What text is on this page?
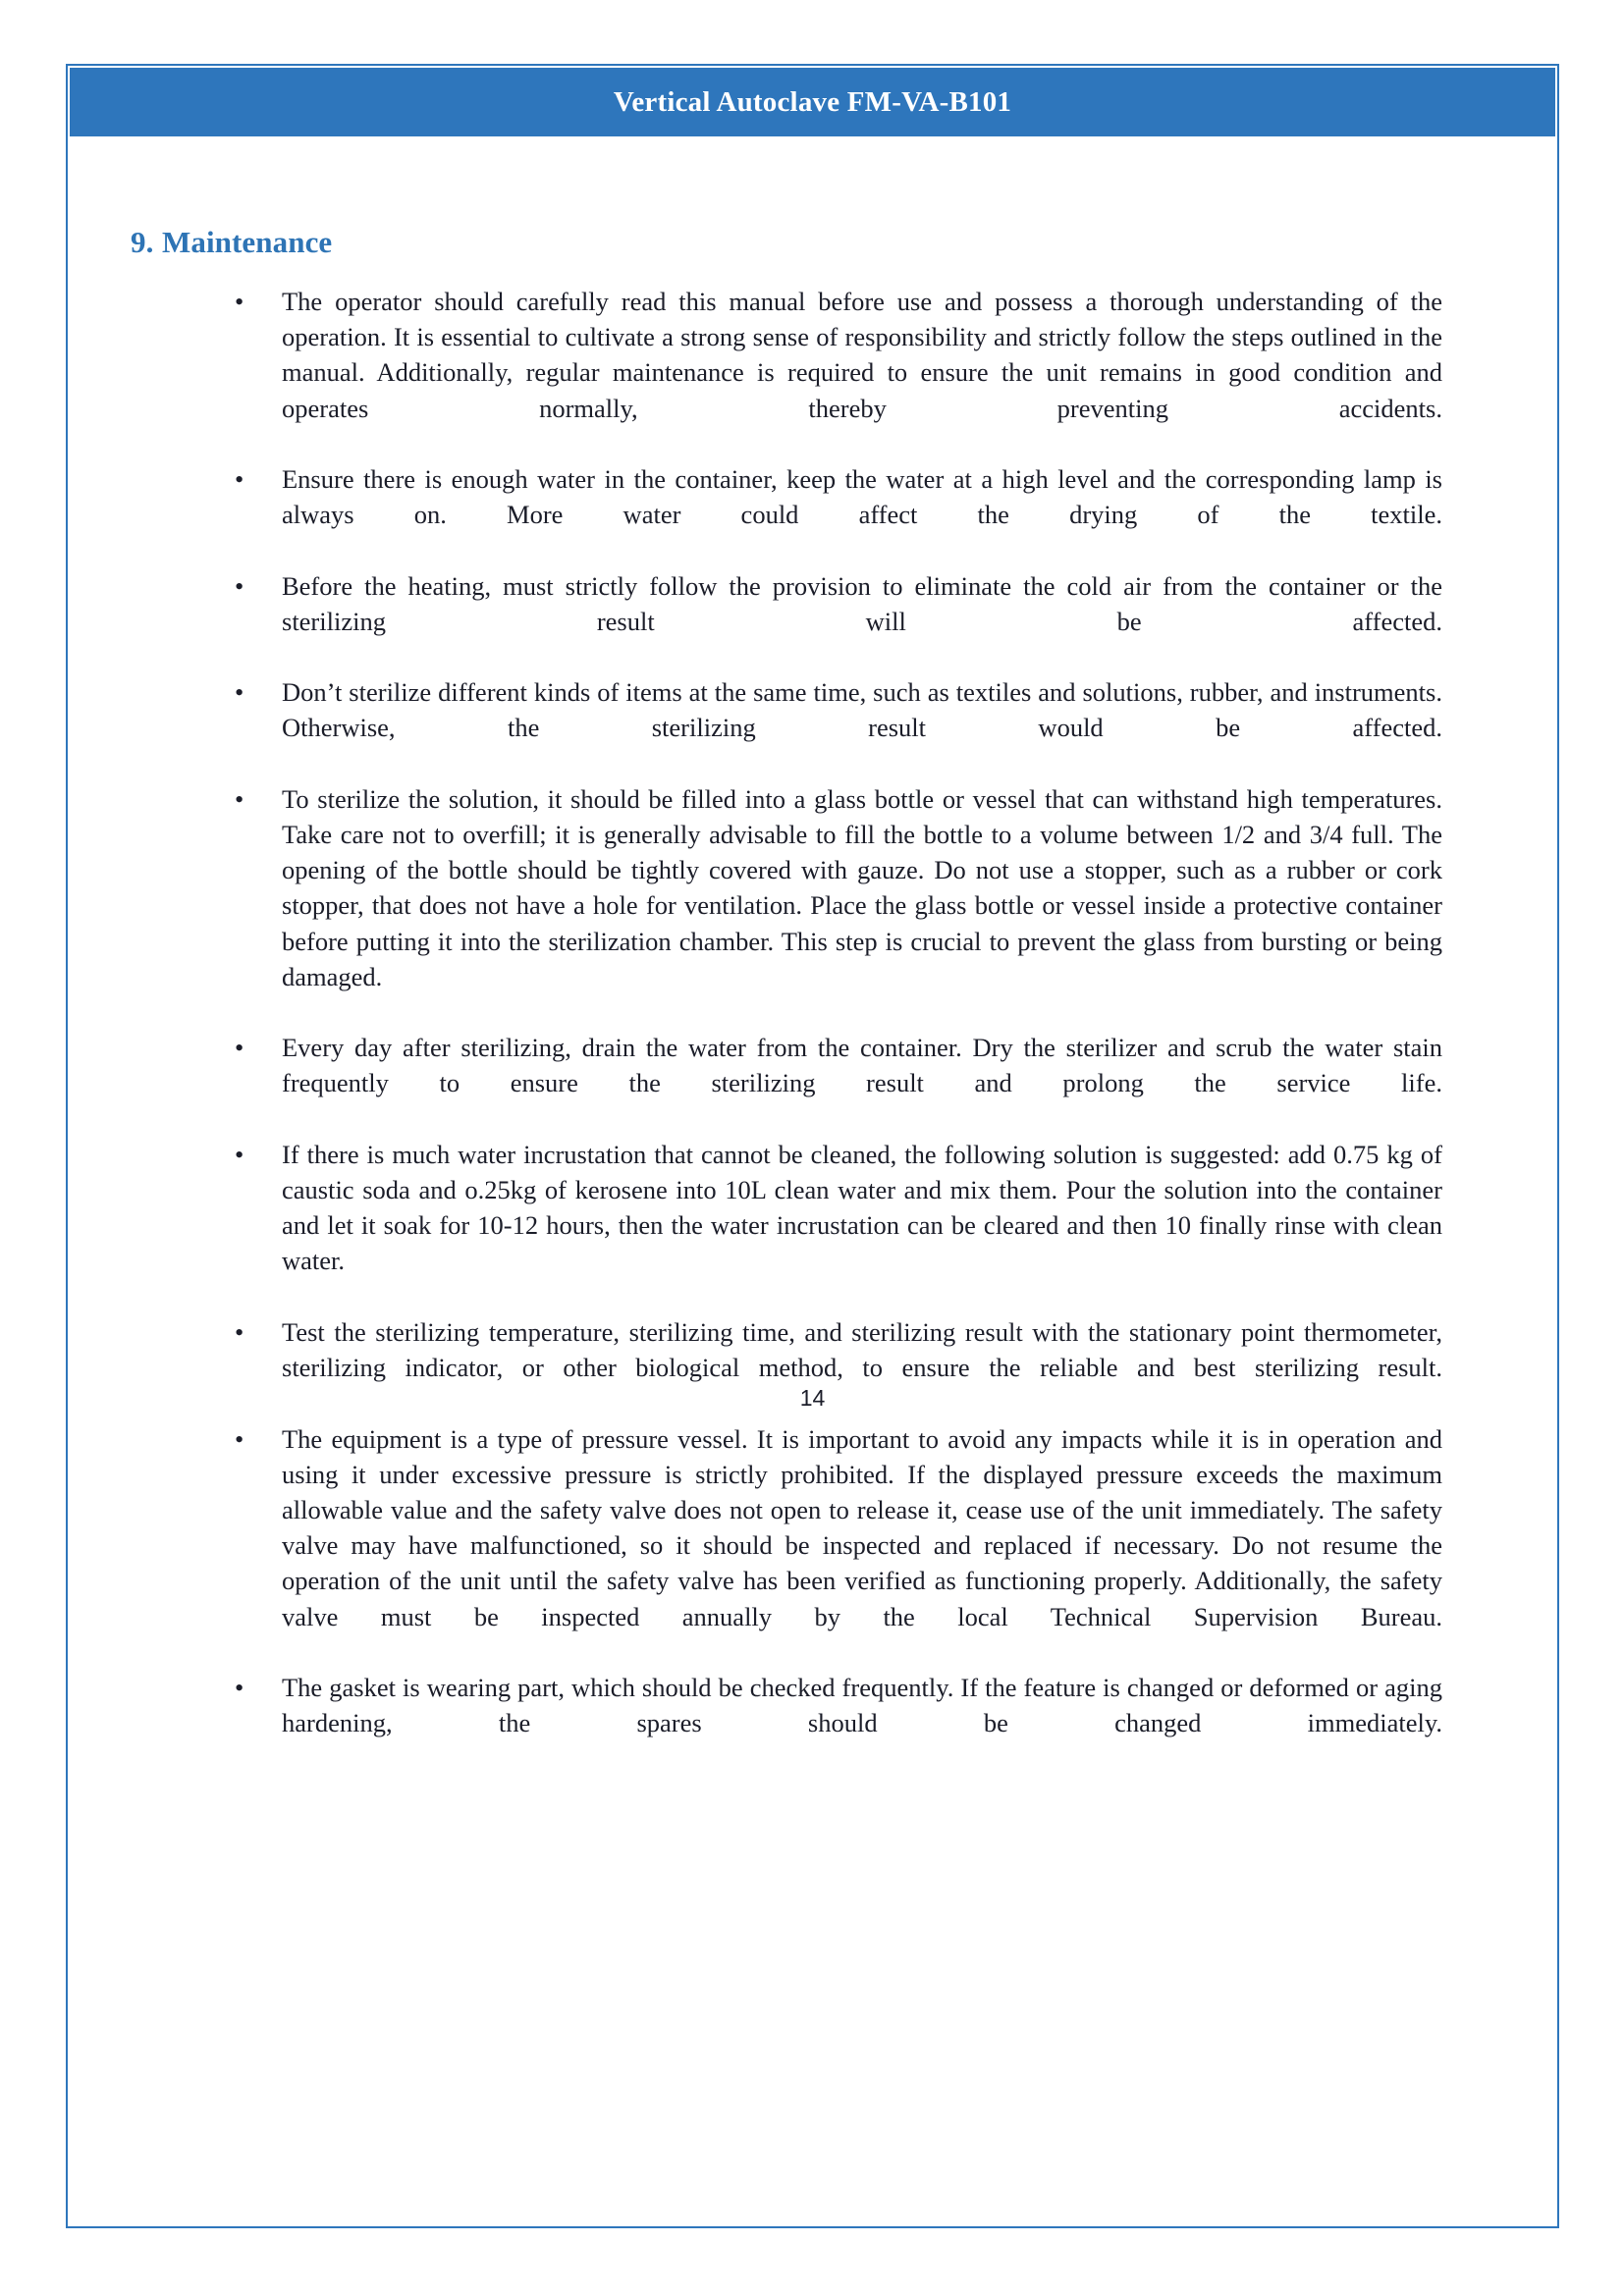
Vertical Autoclave FM-VA-B101
9. Maintenance
•	The operator should carefully read this manual before use and possess a thorough understanding of the operation. It is essential to cultivate a strong sense of responsibility and strictly follow the steps outlined in the manual. Additionally, regular maintenance is required to ensure the unit remains in good condition and operates normally, thereby preventing accidents.
•	Ensure there is enough water in the container, keep the water at a high level and the corresponding lamp is always on. More water could affect the drying of the textile.
•	Before the heating, must strictly follow the provision to eliminate the cold air from the container or the sterilizing result will be affected.
•	Don’t sterilize different kinds of items at the same time, such as textiles and solutions, rubber, and instruments. Otherwise, the sterilizing result would be affected.
•	To sterilize the solution, it should be filled into a glass bottle or vessel that can withstand high temperatures. Take care not to overfill; it is generally advisable to fill the bottle to a volume between 1/2 and 3/4 full. The opening of the bottle should be tightly covered with gauze. Do not use a stopper, such as a rubber or cork stopper, that does not have a hole for ventilation. Place the glass bottle or vessel inside a protective container before putting it into the sterilization chamber. This step is crucial to prevent the glass from bursting or being damaged.
•	Every day after sterilizing, drain the water from the container. Dry the sterilizer and scrub the water stain frequently to ensure the sterilizing result and prolong the service life.
•	If there is much water incrustation that cannot be cleaned, the following solution is suggested: add 0.75 kg of caustic soda and o.25kg of kerosene into 10L clean water and mix them. Pour the solution into the container and let it soak for 10-12 hours, then the water incrustation can be cleared and then 10 finally rinse with clean water.
•	Test the sterilizing temperature, sterilizing time, and sterilizing result with the stationary point thermometer, sterilizing indicator, or other biological method, to ensure the reliable and best sterilizing result.
•	The equipment is a type of pressure vessel. It is important to avoid any impacts while it is in operation and using it under excessive pressure is strictly prohibited. If the displayed pressure exceeds the maximum allowable value and the safety valve does not open to release it, cease use of the unit immediately. The safety valve may have malfunctioned, so it should be inspected and replaced if necessary. Do not resume the operation of the unit until the safety valve has been verified as functioning properly. Additionally, the safety valve must be inspected annually by the local Technical Supervision Bureau.
•	The gasket is wearing part, which should be checked frequently. If the feature is changed or deformed or aging hardening, the spares should be changed immediately.
14
